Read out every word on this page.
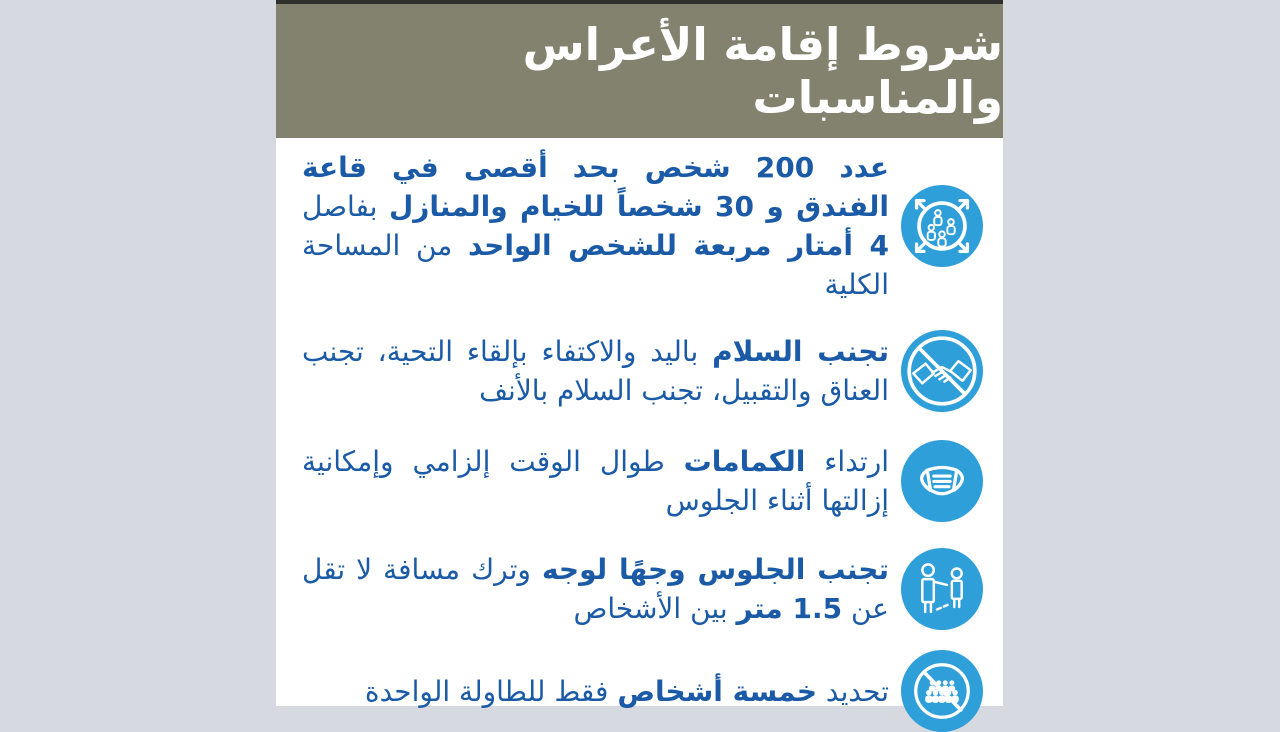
شروط إقامة الأعراس والمناسبات

عدد 200 شخص بحد أقصى في قاعة الفندق و 30 شخصاً للخيام والمنازل بفاصل 4 أمتار مربعة للشخص الواحد من المساحة الكلية

تجنب السلام باليد والاكتفاء بإلقاء التحية، تجنب العناق والتقبيل، تجنب السلام بالأنف

ارتداء الكمامات طوال الوقت إلزامي وإمكانية إزالتها أثناء الجلوس

تجنب الجلوس وجهًا لوجه وترك مسافة لا تقل عن 1.5 متر بين الأشخاص

تحديد خمسة أشخاص فقط للطاولة الواحدة
